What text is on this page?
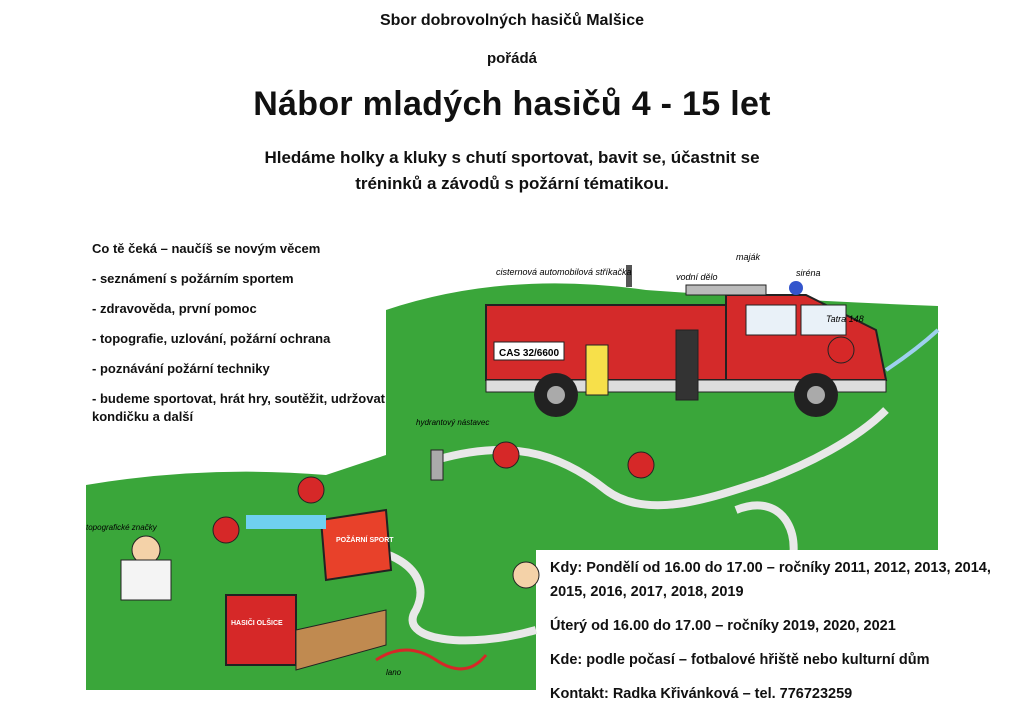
Sbor dobrovolných hasičů Malšice
pořádá
Nábor mladých hasičů 4 - 15 let
Hledáme holky a kluky s chutí sportovat, bavit se, účastnit se
tréninků a závodů s požární tématikou.
CAS 32/6600
Tatra 148
POŽÁRNÍ SPORT
HASIČI OLŠICE
cisternová automobilová stříkačka	vodní dělo
maják
siréna
hydrantový nástavec
topografické značky
lano
Co tě čeká – naučíš se novým věcem
- seznámení s požárním sportem
- zdravověda, první pomoc
- topografie, uzlování, požární ochrana
- poznávání požární techniky
- budeme sportovat, hrát hry, soutěžit, udržovat kondičku a další
Kdy: Pondělí od 16.00 do 17.00 – ročníky 2011, 2012, 2013, 2014, 2015, 2016, 2017, 2018, 2019
Úterý od 16.00 do 17.00 – ročníky 2019, 2020, 2021
Kde: podle počasí – fotbalové hřiště nebo kulturní dům
Kontakt: Radka Křivánková – tel. 776723259
